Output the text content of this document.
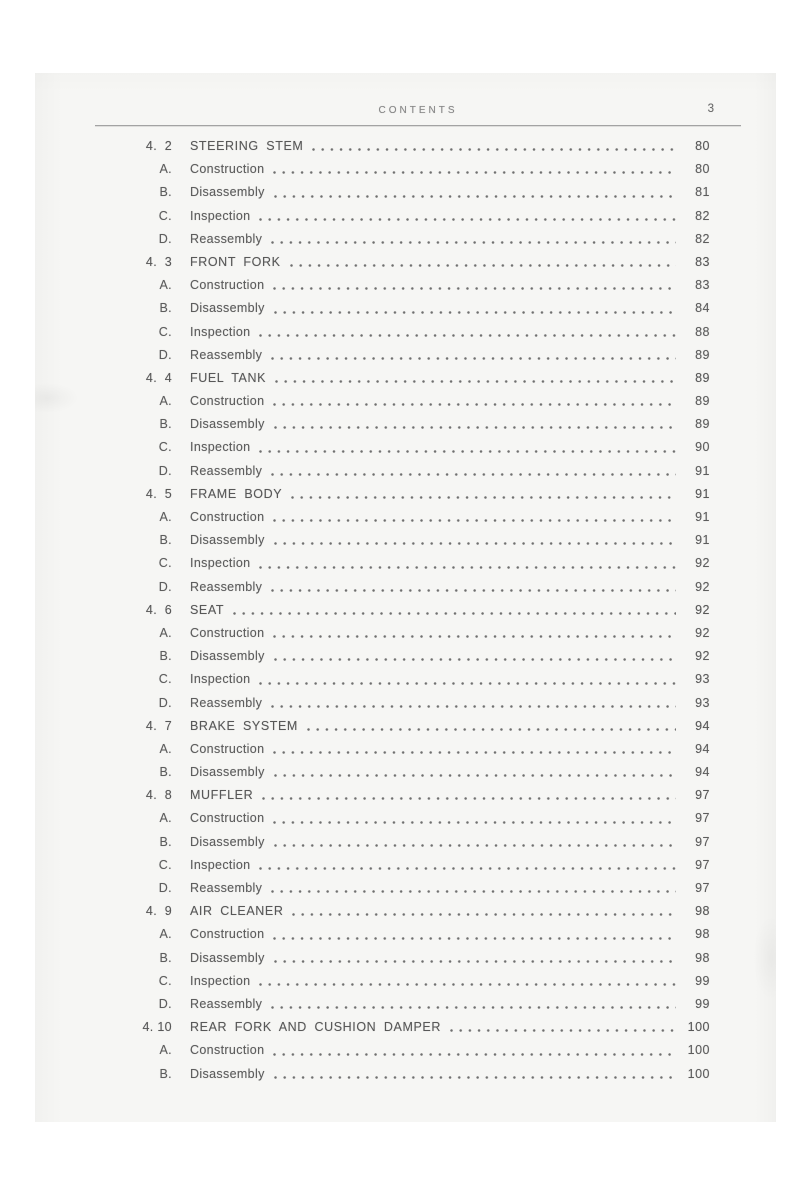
CONTENTS	3
4.  2 STEERING STEM	80
A. Construction	80
B. Disassembly	81
C. Inspection	82
D. Reassembly	82
4.  3 FRONT FORK	83
A. Construction	83
B. Disassembly	84
C. Inspection	88
D. Reassembly	89
4.  4 FUEL TANK	89
A. Construction	89
B. Disassembly	89
C. Inspection	90
D. Reassembly	91
4.  5 FRAME BODY	91
A. Construction	91
B. Disassembly	91
C. Inspection	92
D. Reassembly	92
4.  6 SEAT	92
A. Construction	92
B. Disassembly	92
C. Inspection	93
D. Reassembly	93
4.  7 BRAKE SYSTEM	94
A. Construction	94
B. Disassembly	94
4.  8 MUFFLER	97
A. Construction	97
B. Disassembly	97
C. Inspection	97
D. Reassembly	97
4.  9 AIR CLEANER	98
A. Construction	98
B. Disassembly	98
C. Inspection	99
D. Reassembly	99
4. 10 REAR FORK AND CUSHION DAMPER	100
A. Construction	100
B. Disassembly	100
